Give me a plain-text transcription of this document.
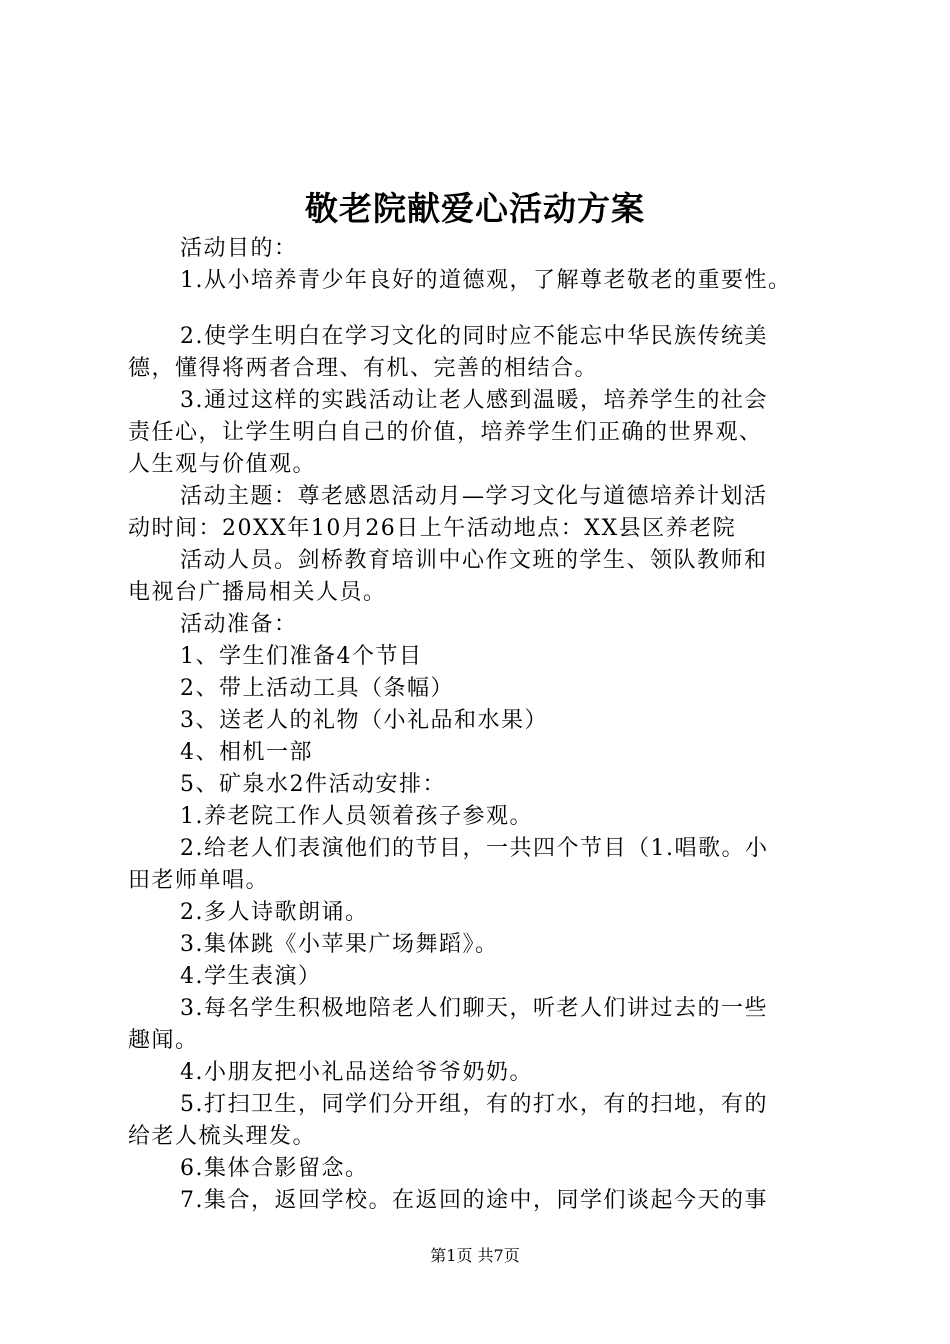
敬老院献爱心活动方案
活动目的：
1.从小培养青少年良好的道德观，了解尊老敬老的重要性。
2.使学生明白在学习文化的同时应不能忘中华民族传统美
德，懂得将两者合理、有机、完善的相结合。
3.通过这样的实践活动让老人感到温暖，培养学生的社会
责任心，让学生明白自己的价值，培养学生们正确的世界观、
人生观与价值观。
活动主题：尊老感恩活动月—学习文化与道德培养计划活
动时间：20XX年10月26日上午活动地点：XX县区养老院
活动人员。剑桥教育培训中心作文班的学生、领队教师和
电视台广播局相关人员。
活动准备：
1、学生们准备4个节目
2、带上活动工具（条幅）
3、送老人的礼物（小礼品和水果）
4、相机一部
5、矿泉水2件活动安排：
1.养老院工作人员领着孩子参观。
2.给老人们表演他们的节目，一共四个节目（1.唱歌。小
田老师单唱。
2.多人诗歌朗诵。
3.集体跳《小苹果广场舞蹈》。
4.学生表演）
3.每名学生积极地陪老人们聊天，听老人们讲过去的一些
趣闻。
4.小朋友把小礼品送给爷爷奶奶。
5.打扫卫生，同学们分开组，有的打水，有的扫地，有的
给老人梳头理发。
6.集体合影留念。
7.集合，返回学校。在返回的途中，同学们谈起今天的事
第1页 共7页
